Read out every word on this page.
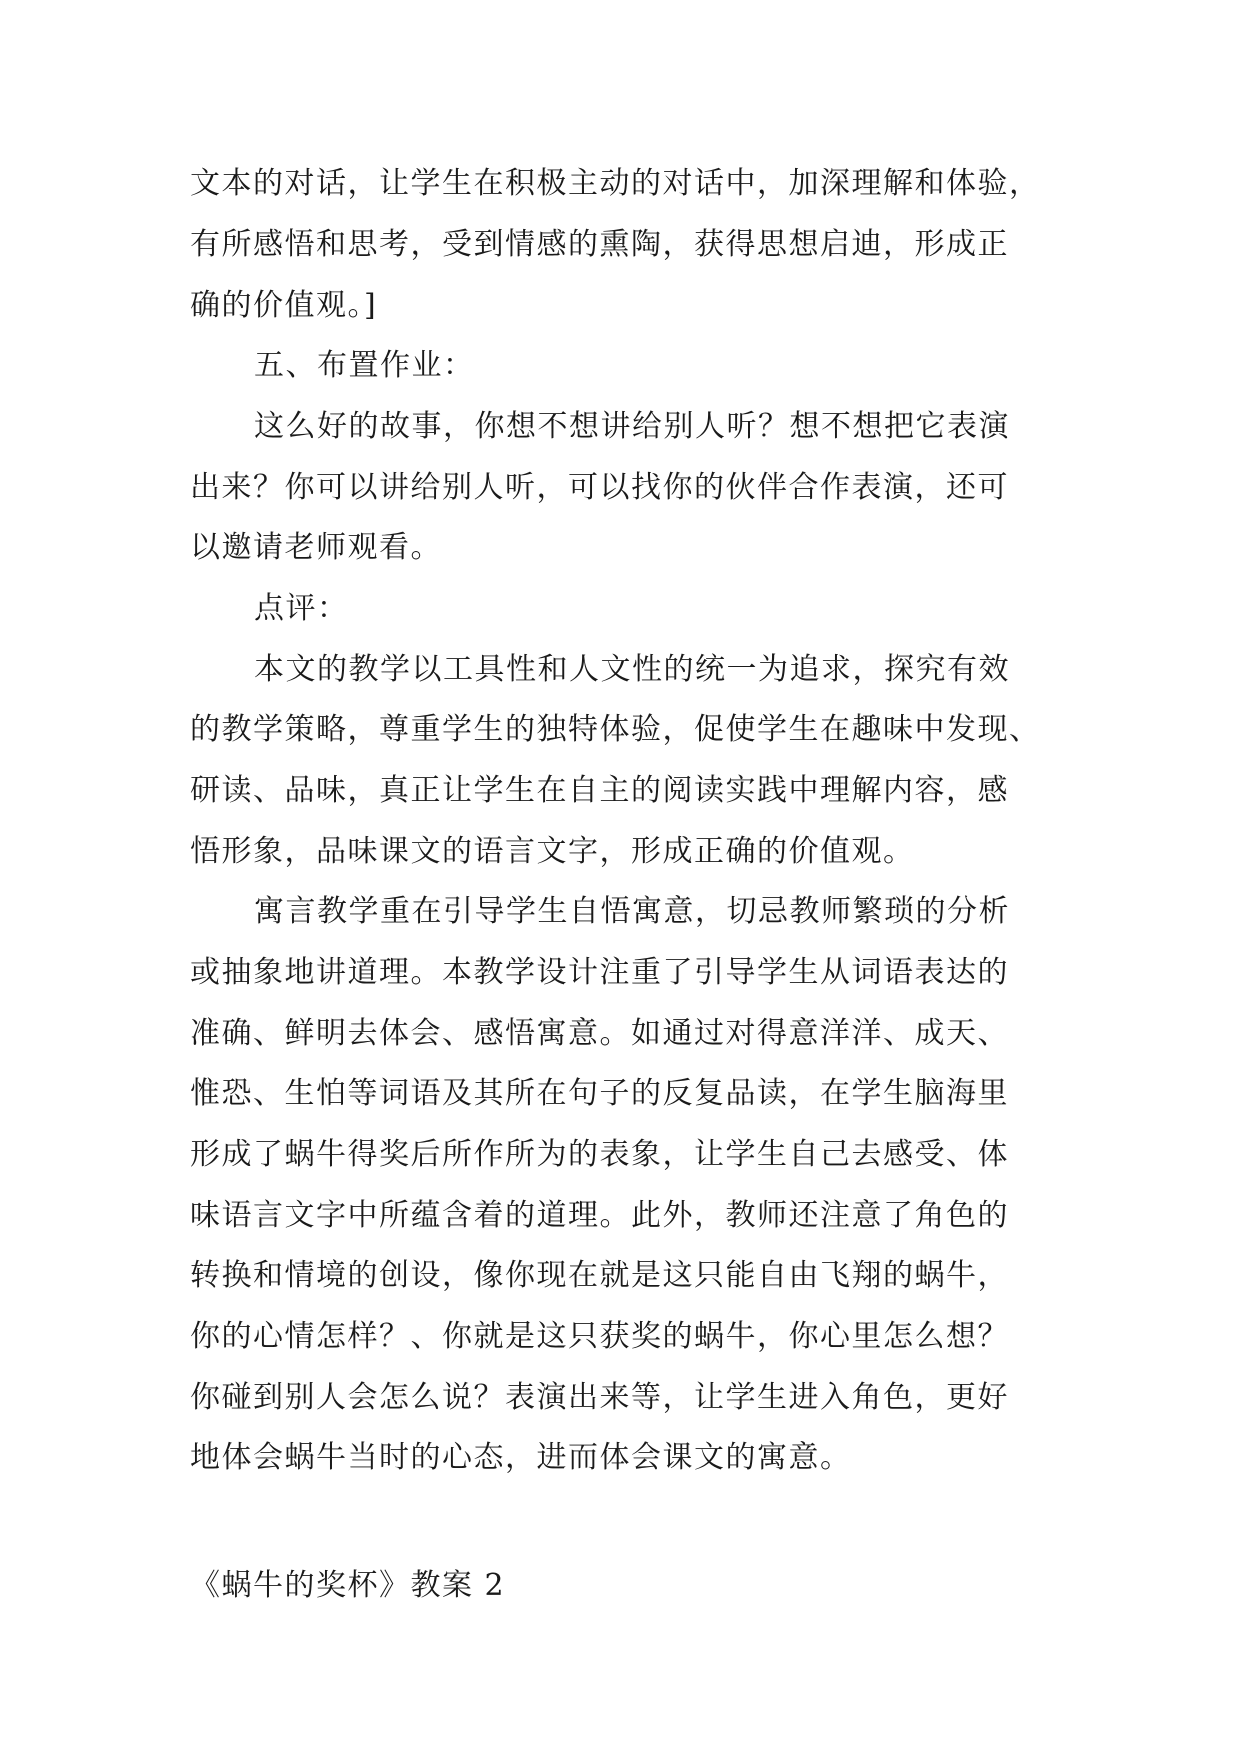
文本的对话，让学生在积极主动的对话中，加深理解和体验，
有所感悟和思考，受到情感的熏陶，获得思想启迪，形成正
确的价值观。]
五、布置作业：
这么好的故事，你想不想讲给别人听？想不想把它表演
出来？你可以讲给别人听，可以找你的伙伴合作表演，还可
以邀请老师观看。
点评：
本文的教学以工具性和人文性的统一为追求，探究有效
的教学策略，尊重学生的独特体验，促使学生在趣味中发现、
研读、品味，真正让学生在自主的阅读实践中理解内容，感
悟形象，品味课文的语言文字，形成正确的价值观。
寓言教学重在引导学生自悟寓意，切忌教师繁琐的分析
或抽象地讲道理。本教学设计注重了引导学生从词语表达的
准确、鲜明去体会、感悟寓意。如通过对得意洋洋、成天、
惟恐、生怕等词语及其所在句子的反复品读，在学生脑海里
形成了蜗牛得奖后所作所为的表象，让学生自己去感受、体
味语言文字中所蕴含着的道理。此外，教师还注意了角色的
转换和情境的创设，像你现在就是这只能自由飞翔的蜗牛，
你的心情怎样？、你就是这只获奖的蜗牛，你心里怎么想？
你碰到别人会怎么说？表演出来等，让学生进入角色，更好
地体会蜗牛当时的心态，进而体会课文的寓意。
《蜗牛的奖杯》教案 2
